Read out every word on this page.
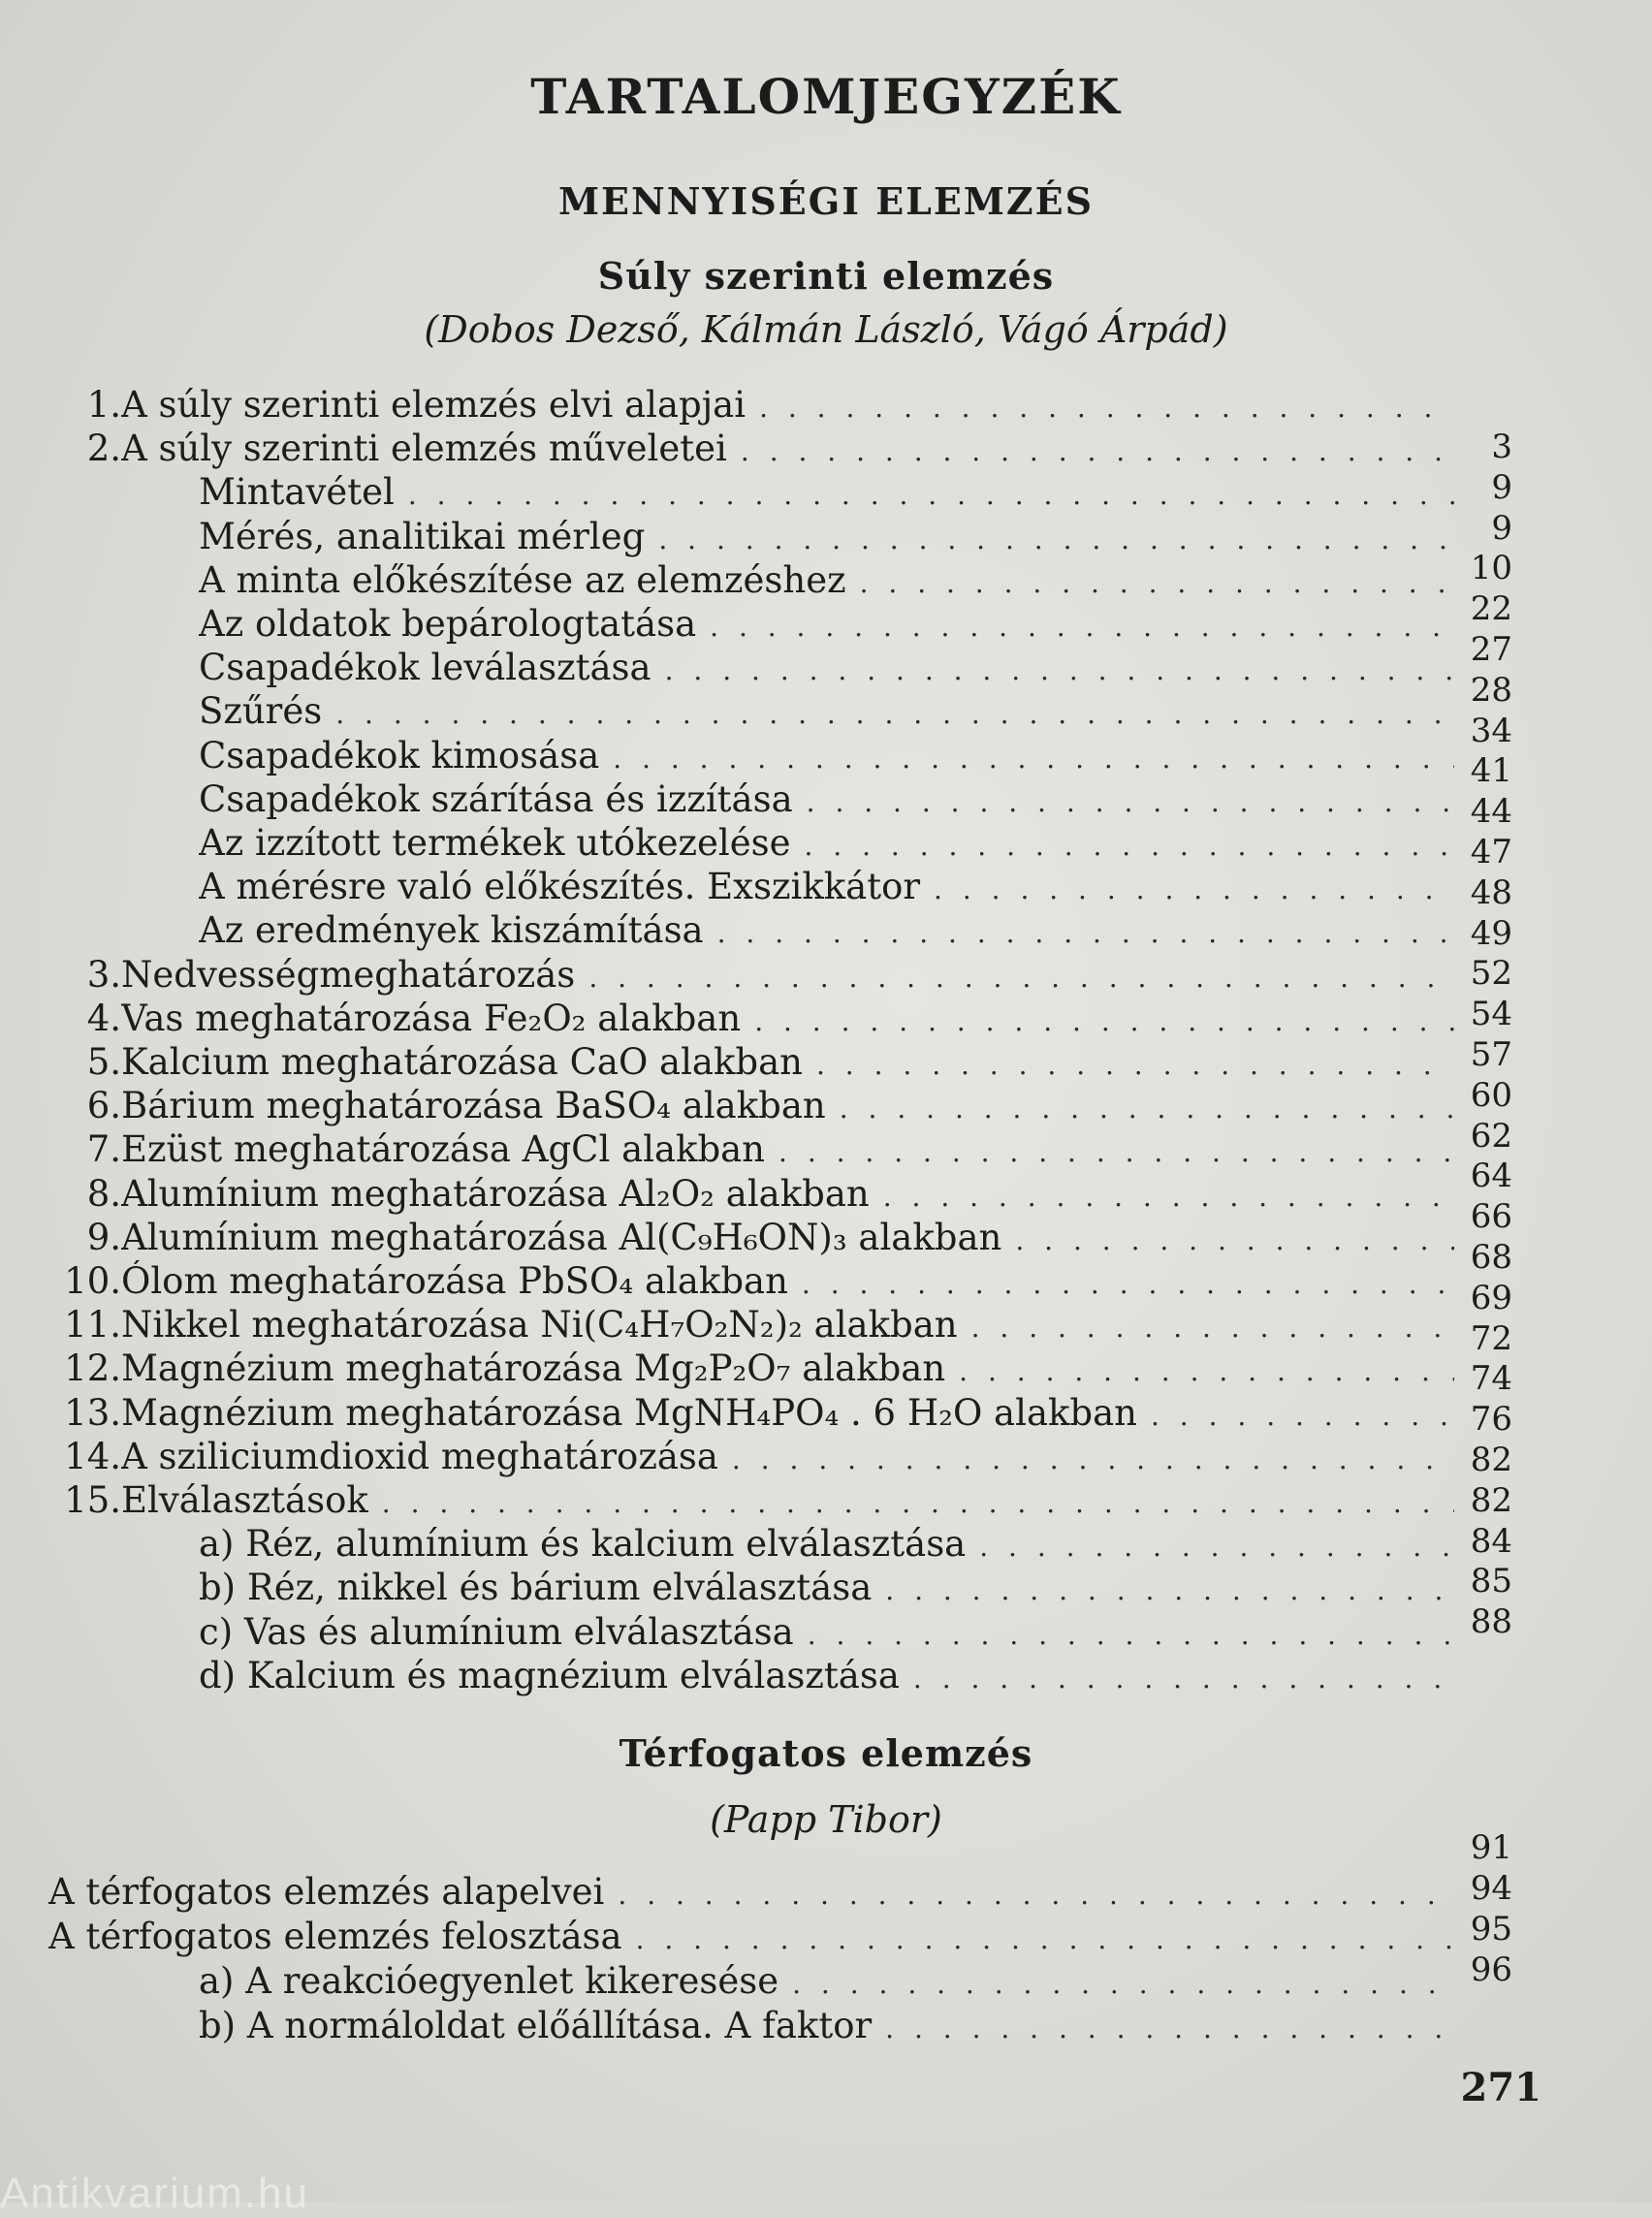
TARTALOMJEGYZÉK
MENNYISÉGI ELEMZÉS
Súly szerinti elemzés
(Dobos Dezső, Kálmán László, Vágó Árpád)
1. A súly szerinti elemzés elvi alapjai
. . .
2. A súly szerinti elemzés műveletei
. . .
Mintavétel
. . .
Mérés, analitikai mérleg
. . .
A minta előkészítése az elemzéshez
. . .
Az oldatok bepárologtatása
. . .
Csapadékok leválasztása
. . .
Szűrés
. . .
Csapadékok kimosása
. . .
Csapadékok szárítása és izzítása
. . .
Az izzított termékek utókezelése
. . .
A mérésre való előkészítés. Exszikkátor
. . .
Az eredmények kiszámítása
. . .
3. Nedvességmeghatározás
. . .
4. Vas meghatározása Fe₂O₂ alakban
. . .
5. Kalcium meghatározása CaO alakban
. . .
6. Bárium meghatározása BaSO₄ alakban
. . .
7. Ezüst meghatározása AgCl alakban
. . .
8. Alumínium meghatározása Al₂O₂ alakban
. . .
9. Alumínium meghatározása Al(C₉H₆ON)₃ alakban
. . .
10. Ólom meghatározása PbSO₄ alakban
. . .
11. Nikkel meghatározása Ni(C₄H₇O₂N₂)₂ alakban
. . .
12. Magnézium meghatározása Mg₂P₂O₇ alakban
. . .
13. Magnézium meghatározása MgNH₄PO₄ . 6 H₂O alakban
. . .
14. A sziliciumdioxid meghatározása
. . .
15. Elválasztások
. . .
a) Réz, alumínium és kalcium elválasztása
. . .
b) Réz, nikkel és bárium elválasztása
. . .
c) Vas és alumínium elválasztása
. . .
d) Kalcium és magnézium elválasztása
. . .
3
9
9
10
22
27
28
34
41
44
47
48
49
52
54
57
60
62
64
66
68
69
72
74
76
82
82
84
85
88
Térfogatos elemzés
(Papp Tibor)
A térfogatos elemzés alapelvei
. . .
A térfogatos elemzés felosztása
. . .
a) A reakcióegyenlet kikeresése
. . .
b) A normáloldat előállítása. A faktor
. . .
91
94
95
96
271
Antikvarium.hu
